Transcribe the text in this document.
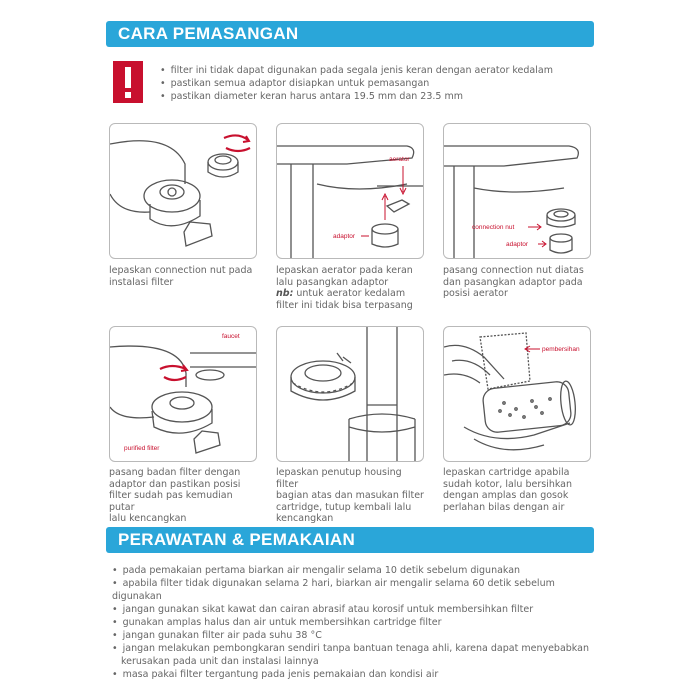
CARA PEMASANGAN
• filter ini tidak dapat digunakan pada segala jenis keran dengan aerator kedalam
• pastikan semua adaptor disiapkan untuk pemasangan
• pastikan diameter keran harus antara 19.5 mm dan 23.5 mm

lepaskan connection nut pada
instalasi filter

aerator
adaptor

lepaskan aerator pada keran
lalu pasangkan adaptor
nb: untuk aerator kedalam
filter ini tidak bisa terpasang

connection nut
adaptor

pasang connection nut diatas
dan pasangkan adaptor pada
posisi aerator

faucet
purified filter

pasang badan filter dengan
adaptor dan pastikan posisi
filter sudah pas kemudian putar
lalu kencangkan

lepaskan penutup housing filter
bagian atas dan masukan filter
cartridge, tutup kembali lalu
kencangkan

pembersihan

lepaskan cartridge apabila
sudah kotor, lalu bersihkan
dengan amplas dan gosok
perlahan bilas dengan air

PERAWATAN & PEMAKAIAN
• pada pemakaian pertama biarkan air mengalir selama 10 detik sebelum digunakan
• apabila filter tidak digunakan selama 2 hari, biarkan air mengalir selama 60 detik sebelum digunakan
• jangan gunakan sikat kawat dan cairan abrasif atau korosif untuk membersihkan filter
• gunakan amplas halus dan air untuk membersihkan cartridge filter
• jangan gunakan filter air pada suhu 38 °C
• jangan melakukan pembongkaran sendiri tanpa bantuan tenaga ahli, karena dapat menyebabkan
kerusakan pada unit dan instalasi lainnya
• masa pakai filter tergantung pada jenis pemakaian dan kondisi air
